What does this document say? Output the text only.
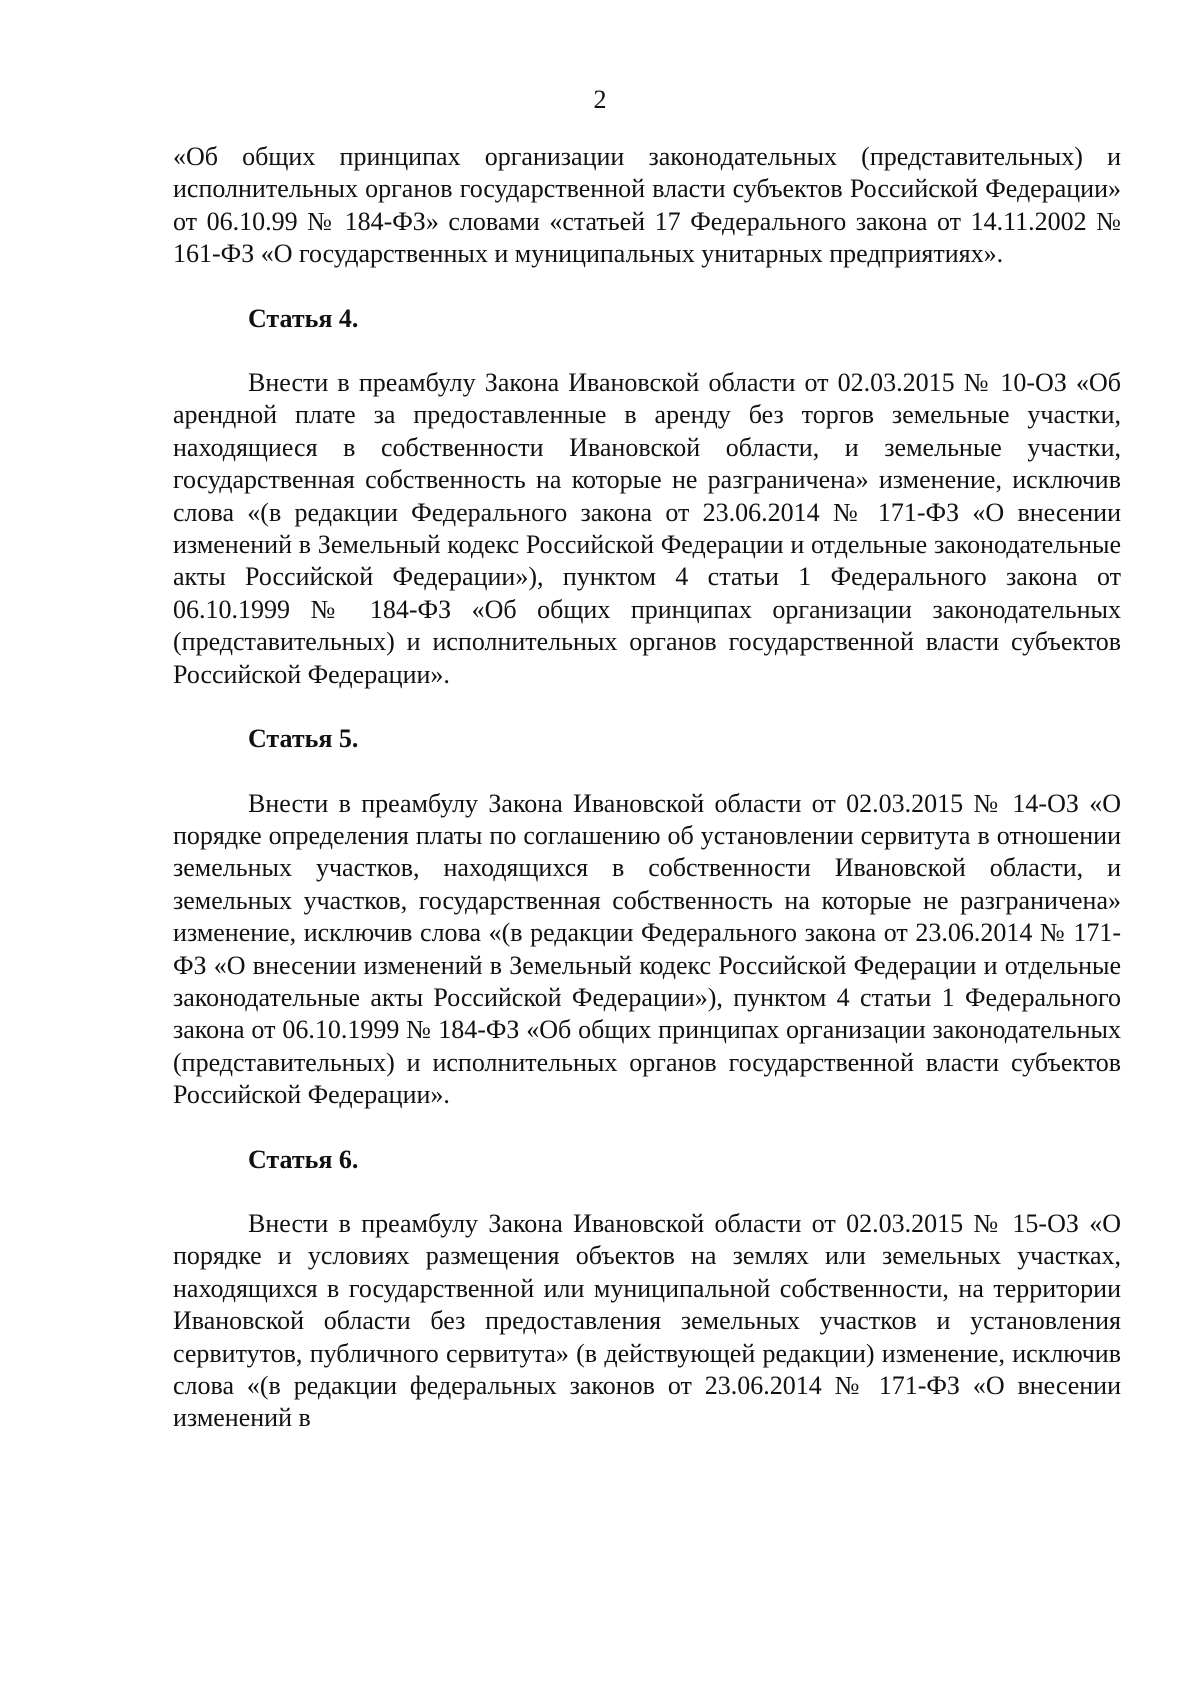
2

«Об общих принципах организации законодательных (представительных) и исполнительных органов государственной власти субъектов Российской Федерации» от 06.10.99 № 184-ФЗ» словами «статьей 17 Федерального закона от 14.11.2002 № 161-ФЗ «О государственных и муниципальных унитарных предприятиях».

Статья 4.

Внести в преамбулу Закона Ивановской области от 02.03.2015 № 10-ОЗ «Об арендной плате за предоставленные в аренду без торгов земельные участки, находящиеся в собственности Ивановской области, и земельные участки, государственная собственность на которые не разграничена» изменение, исключив слова «(в редакции Федерального закона от 23.06.2014 № 171-ФЗ «О внесении изменений в Земельный кодекс Российской Федерации и отдельные законодательные акты Российской Федерации»), пунктом 4 статьи 1 Федерального закона от 06.10.1999 № 184-ФЗ «Об общих принципах организации законодательных (представительных) и исполнительных органов государственной власти субъектов Российской Федерации».

Статья 5.

Внести в преамбулу Закона Ивановской области от 02.03.2015 № 14-ОЗ «О порядке определения платы по соглашению об установлении сервитута в отношении земельных участков, находящихся в собственности Ивановской области, и земельных участков, государственная собственность на которые не разграничена» изменение, исключив слова «(в редакции Федерального закона от 23.06.2014 № 171-ФЗ «О внесении изменений в Земельный кодекс Российской Федерации и отдельные законодательные акты Российской Федерации»), пунктом 4 статьи 1 Федерального закона от 06.10.1999 № 184-ФЗ «Об общих принципах организации законодательных (представительных) и исполнительных органов государственной власти субъектов Российской Федерации».

Статья 6.

Внести в преамбулу Закона Ивановской области от 02.03.2015 № 15-ОЗ «О порядке и условиях размещения объектов на землях или земельных участках, находящихся в государственной или муниципальной собственности, на территории Ивановской области без предоставления земельных участков и установления сервитутов, публичного сервитута» (в действующей редакции) изменение, исключив слова «(в редакции федеральных законов от 23.06.2014 № 171-ФЗ «О внесении изменений в
